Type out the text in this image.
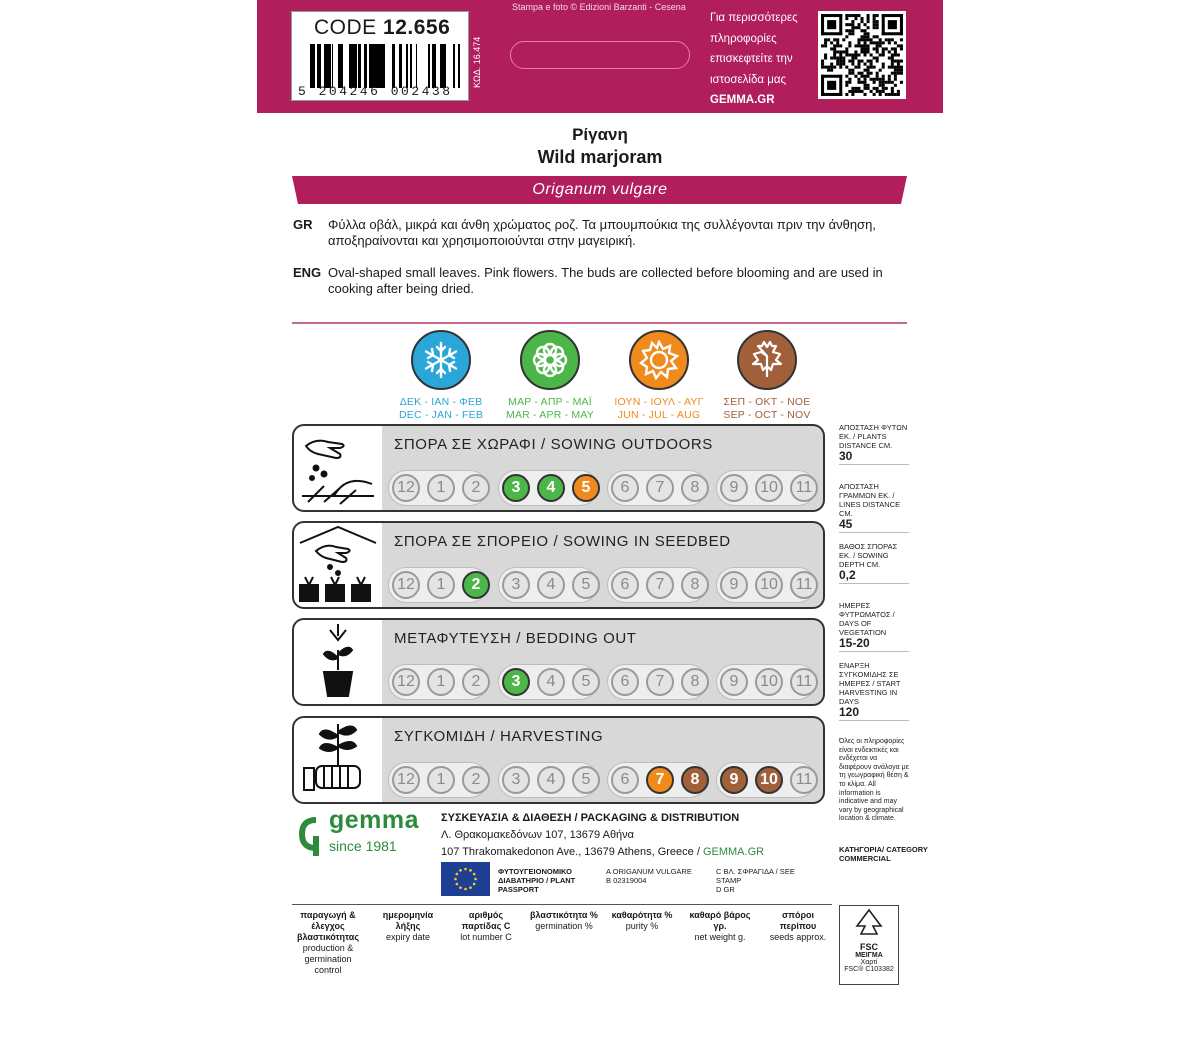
CODE 12.656
5 204246 002438
ΚΩΔ. 16.474
Stampa e foto © Edizioni Barzanti - Cesena
Για περισσότερες
πληροφορίες
επισκεφτείτε την
ιστοσελίδα μας
GEMMA.GR
Ρίγανη
Wild marjoram
Origanum vulgare
GR Φύλλα οβάλ, μικρά και άνθη χρώματος ροζ. Τα μπουμπούκια της συλλέγονται πριν την άνθηση, αποξηραίνονται και χρησιμοποιούνται στην μαγειρική.
ENG Oval-shaped small leaves. Pink flowers. The buds are collected before blooming and are used in cooking after being dried.
ΔΕΚ - ΙΑΝ - ΦΕΒ
DEC - JAN - FEB
ΜΑΡ - ΑΠΡ - ΜΑΪ
MAR - APR - MAY
ΙΟΥΝ - ΙΟΥΛ - ΑΥΓ
JUN - JUL - AUG
ΣΕΠ - ΟΚΤ - ΝΟΕ
SEP - OCT - NOV
ΣΠΟΡΑ ΣΕ ΧΩΡΑΦΙ / SOWING OUTDOORS
12	1	2	3	4	5	6	7	8	9	10	11
ΣΠΟΡΑ ΣΕ ΣΠΟΡΕΙΟ / SOWING IN SEEDBED
12	1	2	3	4	5	6	7	8	9	10	11
ΜΕΤΑΦΥΤΕΥΣΗ / BEDDING OUT
12	1	2	3	4	5	6	7	8	9	10	11
ΣΥΓΚΟΜΙΔΗ / HARVESTING
12	1	2	3	4	5	6	7	8	9	10	11
ΑΠΟΣΤΑΣΗ ΦΥΤΩΝ ΕΚ. / PLANTS DISTANCE CM.
30
ΑΠΟΣΤΑΣΗ ΓΡΑΜΜΩΝ ΕΚ. / LINES DISTANCE CM.
45
ΒΑΘΟΣ ΣΠΟΡΑΣ ΕΚ. / SOWING DEPTH CM.
0,2
ΗΜΕΡΕΣ ΦΥΤΡΩΜΑΤΟΣ / DAYS OF VEGETATION
15-20
ΕΝΑΡΞΗ ΣΥΓΚΟΜΙΔΗΣ ΣΕ ΗΜΕΡΕΣ / START HARVESTING IN DAYS
120
Όλες οι πληροφορίες είναι ενδεικτικές και ενδέχεται να διαφέρουν ανάλογα με τη γεωγραφική θέση & το κλίμα. All information is indicative and may vary by geographical location & climate.
ΚΑΤΗΓΟΡΙΑ/ CATEGORY
COMMERCIAL
gemma
since 1981
ΣΥΣΚΕΥΑΣΙΑ & ΔΙΑΘΕΣΗ / PACKAGING & DISTRIBUTION
Λ. Θρακομακεδόνων 107, 13679 Αθήνα
107 Thrakomakedonon Ave., 13679 Athens, Greece / GEMMA.GR
ΦΥΤΟΥΓΕΙΟΝΟΜΙΚΟ ΔΙΑΒΑΤΗΡΙΟ / PLANT PASSPORT
A ORIGANUM VULGARE
B 02319004
C ΒΛ. ΣΦΡΑΓΙΔΑ / SEE STAMP
D GR
παραγωγή & έλεγχος βλαστικότητας
production & germination control
ημερομηνία λήξης
expiry date
αριθμός παρτίδας C
lot number C
βλαστικότητα %
germination %
καθαρότητα %
purity %
καθαρό βάρος γρ.
net weight g.
σπόροι περίπου
seeds approx.
FSC
ΜΕΙΓΜΑ
Χαρτί
FSC® C103382
